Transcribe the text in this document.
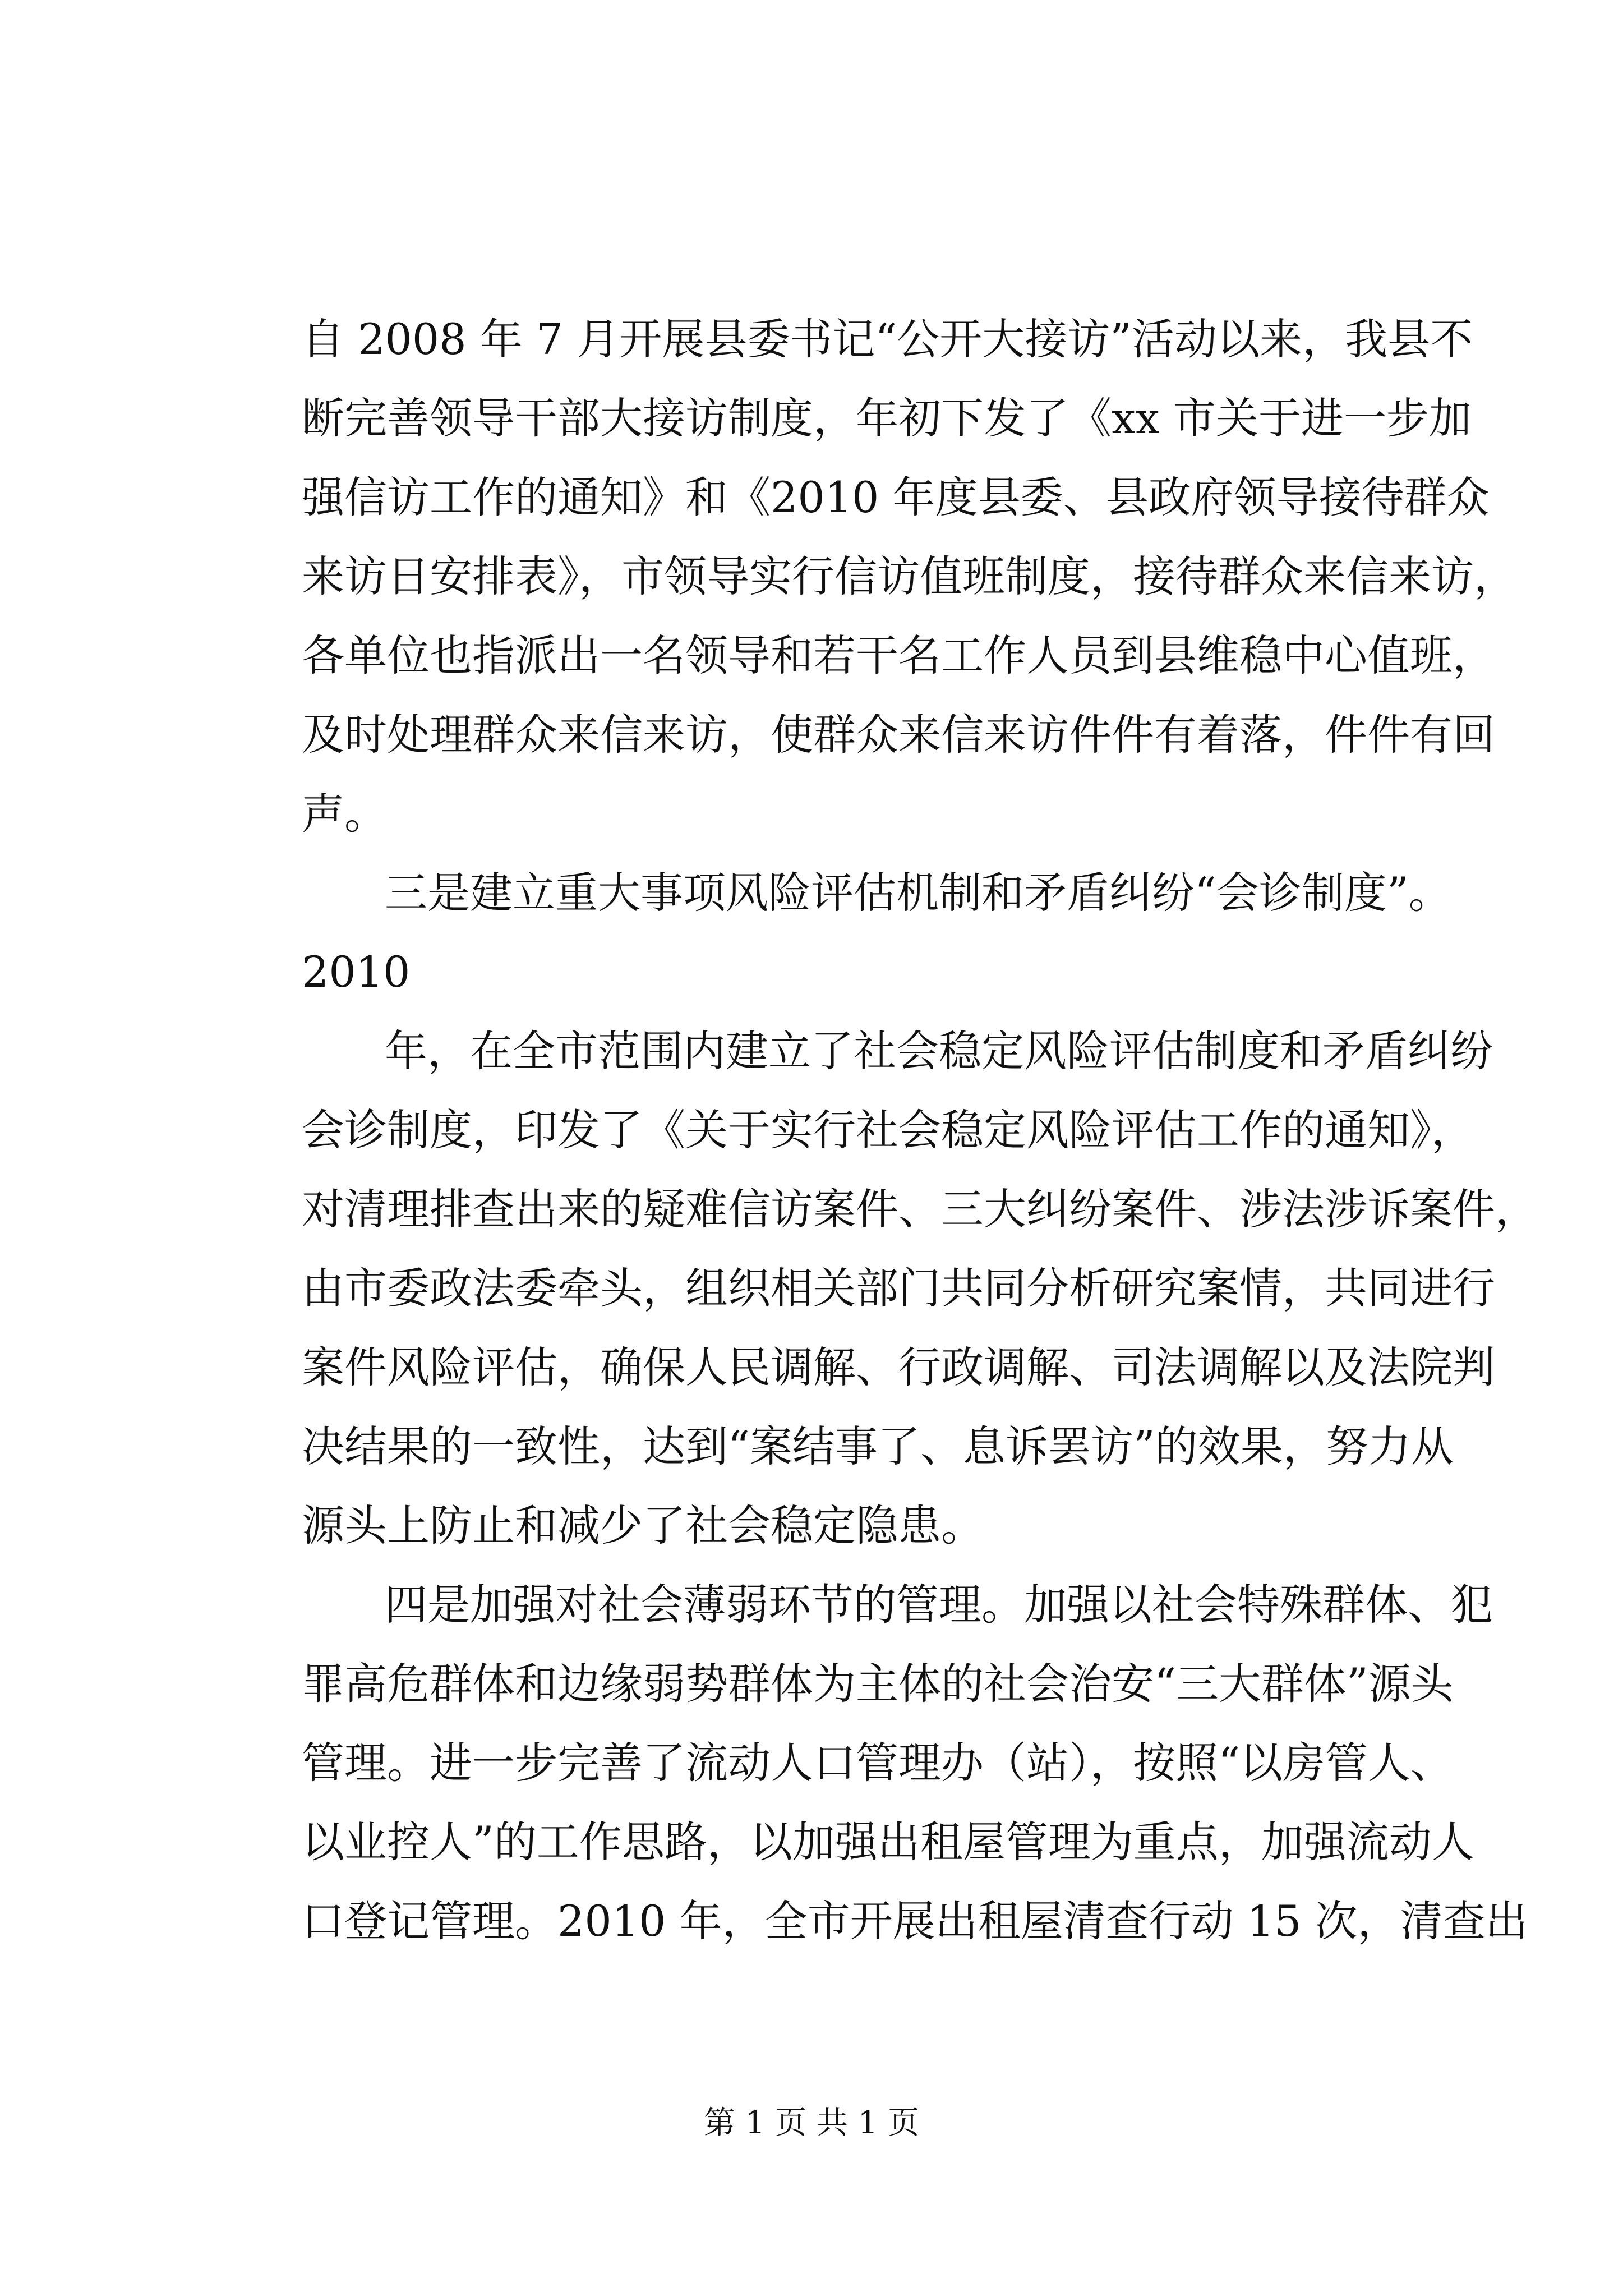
自 2008 年 7 月开展县委书记“公开大接访”活动以来，我县不
断完善领导干部大接访制度，年初下发了《xx 市关于进一步加
强信访工作的通知》和《2010 年度县委、县政府领导接待群众
来访日安排表》，市领导实行信访值班制度，接待群众来信来访，
各单位也指派出一名领导和若干名工作人员到县维稳中心值班，
及时处理群众来信来访，使群众来信来访件件有着落，件件有回
声。
三是建立重大事项风险评估机制和矛盾纠纷“会诊制度”。
2010
年，在全市范围内建立了社会稳定风险评估制度和矛盾纠纷
会诊制度，印发了《关于实行社会稳定风险评估工作的通知》，
对清理排查出来的疑难信访案件、三大纠纷案件、涉法涉诉案件，
由市委政法委牵头，组织相关部门共同分析研究案情，共同进行
案件风险评估，确保人民调解、行政调解、司法调解以及法院判
决结果的一致性，达到“案结事了、息诉罢访”的效果，努力从
源头上防止和减少了社会稳定隐患。
四是加强对社会薄弱环节的管理。加强以社会特殊群体、犯
罪高危群体和边缘弱势群体为主体的社会治安“三大群体”源头
管理。进一步完善了流动人口管理办（站），按照“以房管人、
以业控人”的工作思路，以加强出租屋管理为重点，加强流动人
口登记管理。2010 年，全市开展出租屋清查行动 15 次，清查出
第 1 页 共 1 页
